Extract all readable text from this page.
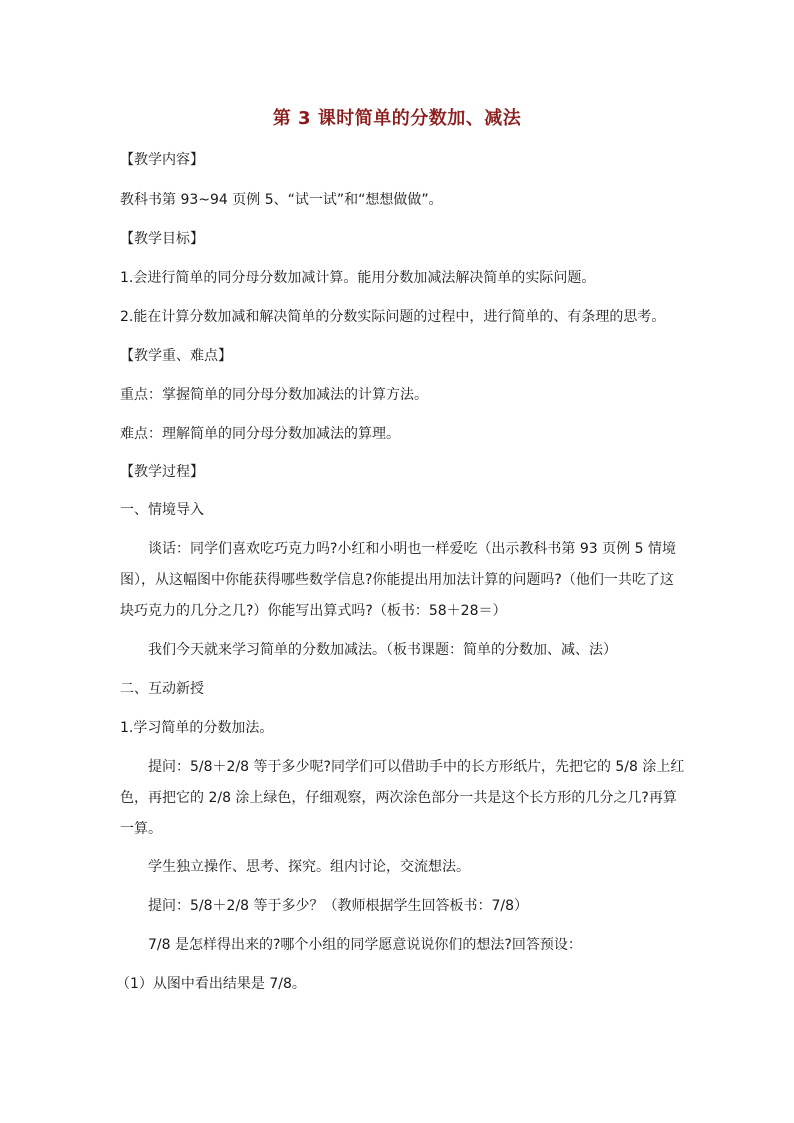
第 3 课时简单的分数加、减法
【教学内容】
教科书第 93~94 页例 5、“试一试”和“想想做做”。
【教学目标】
1.会进行简单的同分母分数加减计算。能用分数加减法解决简单的实际问题。
2.能在计算分数加减和解决简单的分数实际问题的过程中，进行简单的、有条理的思考。
【教学重、难点】
重点：掌握简单的同分母分数加减法的计算方法。
难点：理解简单的同分母分数加减法的算理。
【教学过程】
一、情境导入
谈话：同学们喜欢吃巧克力吗?小红和小明也一样爱吃（出示教科书第 93 页例 5 情境
图），从这幅图中你能获得哪些数学信息?你能提出用加法计算的问题吗?（他们一共吃了这
块巧克力的几分之几?）你能写出算式吗?（板书：58＋28＝）
我们今天就来学习简单的分数加减法。（板书课题：简单的分数加、减、法）
二、互动新授
1.学习简单的分数加法。
提问：5/8＋2/8 等于多少呢?同学们可以借助手中的长方形纸片，先把它的 5/8 涂上红
色，再把它的 2/8 涂上绿色，仔细观察，两次涂色部分一共是这个长方形的几分之几?再算
一算。
学生独立操作、思考、探究。组内讨论，交流想法。
提问：5/8＋2/8 等于多少？（教师根据学生回答板书：7/8）
7/8 是怎样得出来的?哪个小组的同学愿意说说你们的想法?回答预设：
（1）从图中看出结果是 7/8。
